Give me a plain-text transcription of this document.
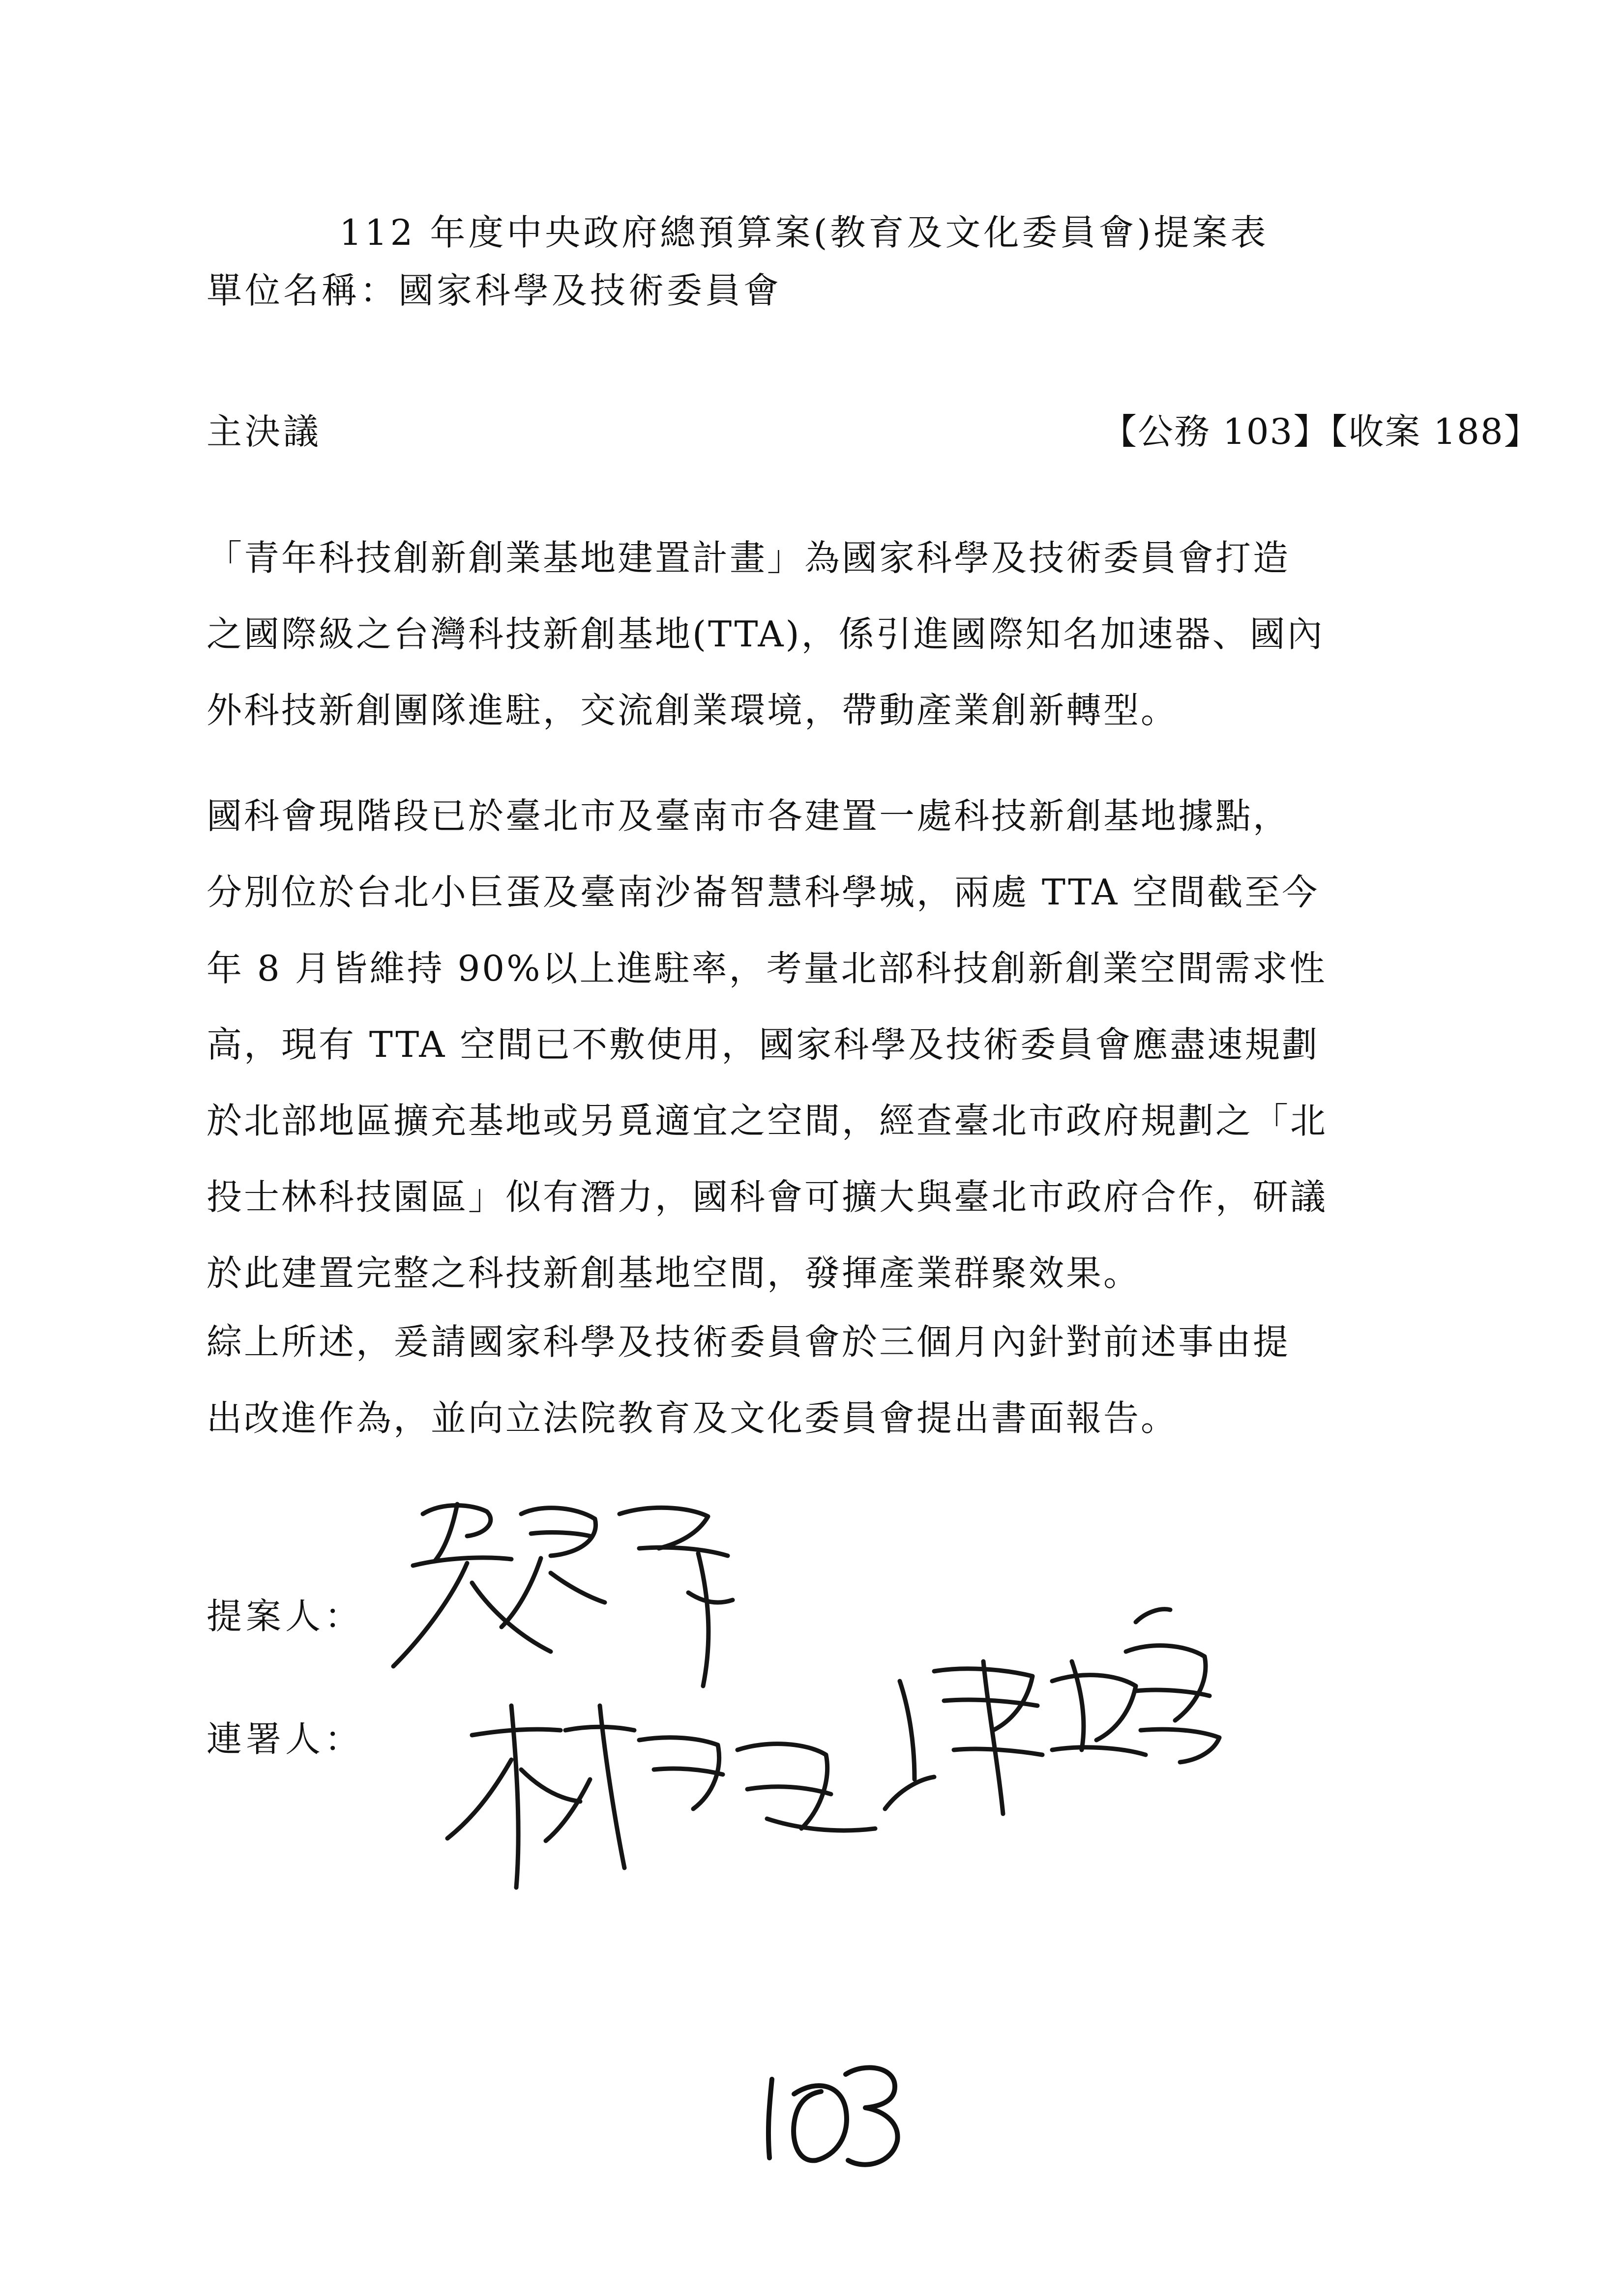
112 年度中央政府總預算案(教育及文化委員會)提案表
單位名稱：國家科學及技術委員會
主決議	【公務 103】【收案 188】
「青年科技創新創業基地建置計畫」為國家科學及技術委員會打造
之國際級之台灣科技新創基地(TTA)，係引進國際知名加速器、國內
外科技新創團隊進駐，交流創業環境，帶動產業創新轉型。
國科會現階段已於臺北市及臺南市各建置一處科技新創基地據點，
分別位於台北小巨蛋及臺南沙崙智慧科學城，兩處 TTA 空間截至今
年 8 月皆維持 90%以上進駐率，考量北部科技創新創業空間需求性
高，現有 TTA 空間已不敷使用，國家科學及技術委員會應盡速規劃
於北部地區擴充基地或另覓適宜之空間，經查臺北市政府規劃之「北
投士林科技園區」似有潛力，國科會可擴大與臺北市政府合作，研議
於此建置完整之科技新創基地空間，發揮產業群聚效果。
綜上所述，爰請國家科學及技術委員會於三個月內針對前述事由提
出改進作為，並向立法院教育及文化委員會提出書面報告。
提案人：
連署人：
